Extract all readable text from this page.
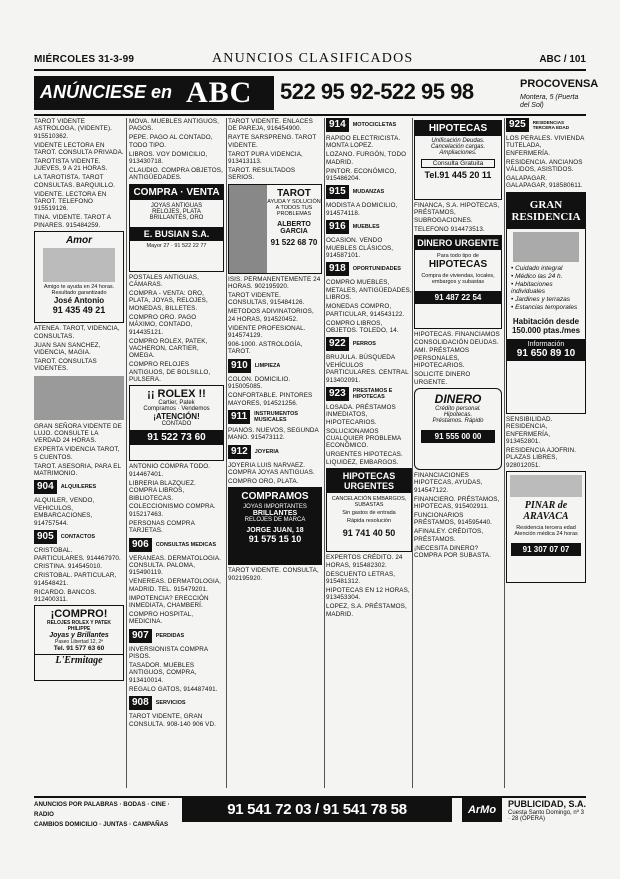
MIÉRCOLES 31-3-99	ANUNCIOS CLASIFICADOS	ABC / 101
ANÚNCIESE en ABC 522 95 92-522 95 98	PROCOVENSA
Montera, 5 (Puerta del Sol)

TAROT VIDENTE ASTROLOGA, (VIDENTE). 915510362.

VIDENTE LECTORA EN TAROT. CONSULTA PRIVADA.

TAROTISTA VIDENTE. JUEVES, 9 A 21 HORAS.

LA TAROTISTA. TAROT CONSULTAS. BARQUILLO.

VIDENTE. LECTORA EN TAROT. TELEFONO 915519126.

TINA. VIDENTE. TAROT A PINARES. 915484259.

Amor
Amigo te ayuda en 24 horas.
Resultado garantizado
José Antonio
91 435 49 21

ATENEA. TAROT, VIDENCIA, CONSULTAS.

JUAN SAN SANCHEZ, VIDENCIA, MAGIA.

TAROT. CONSULTAS VIDENTES.

GRAN SEÑORA VIDENTE DE LUJO. CONSULTE LA VERDAD 24 HORAS.

EXPERTA VIDENCIA TAROT, 5 CUENTOS.

TAROT. ASESORIA, PARA EL MATRIMONIO.

904	ALQUILERES

ALQUILER, VENDO, VEHICULOS, EMBARCACIONES, 914757544.

905	CONTACTOS

CRISTOBAL. PARTICULARES. 914467970.

CRISTINA. 914545010.

CRISTOBAL. PARTICULAR, 914548421.

RICARDO. BANCOS. 912400311.

¡COMPRO!
RELOJES ROLEX Y PATEK PHILIPPE
Joyas y Brillantes
Paseo Libertad 12, 2ª
Tel. 91 577 63 60
L'Ermitage

MOVA. MUEBLES ANTIGUOS, PAGOS.

PEPE. PAGO AL CONTADO, TODO TIPO.

LIBROS. VOY DOMICILIO, 913430718.

CLAUDIO. COMPRA OBJETOS, ANTIGÜEDADES.

COMPRA · VENTA
JOYAS ANTIGUAS
RELOJES, PLATA
BRILLANTES, ORO
E. BUSIAN S.A.
Mayor 27 · 91 522 22 77

POSTALES ANTIGUAS, CÁMARAS.

COMPRA - VENTA: ORO, PLATA, JOYAS, RELOJES, MONEDAS, BILLETES.

COMPRO ORO. PAGO MÁXIMO, CONTADO, 914435121.

COMPRO ROLEX, PATEK, VACHERON, CARTIER, OMEGA.

COMPRO RELOJES ANTIGUOS, DE BOLSILLO, PULSERA.

¡¡ ROLEX !!
Cartier, Patek
Compramos · Vendemos
¡ATENCIÓN!
CONTADO
91 522 73 60

ANTONIO COMPRA TODO. 914467401.

LIBRERIA BLAZQUEZ. COMPRA LIBROS, BIBLIOTECAS.

COLECCIONISMO COMPRA. 915217463.

PERSONAS COMPRA TARJETAS.

906	CONSULTAS MEDICAS

VERANEAS. DERMATOLOGIA. CONSULTA. PALOMA, 915490119.

VENEREAS. DERMATOLOGIA, MADRID. TEL. 915479201.

IMPOTENCIA? ERECCIÓN INMEDIATA, CHAMBERÍ.

COMPRO HOSPITAL, MEDICINA.

907	PERDIDAS

INVERSIONISTA COMPRA PISOS.

TASADOR. MUEBLES ANTIGUOS, COMPRA, 913410014.

REGALO GATOS, 914487491.

908	SERVICIOS

TAROT VIDENTE, GRAN CONSULTA. 908-140 906 VD.

TAROT VIDENTE. ENLACES DE PAREJA, 916454900.

RAYTE SARSPRENG. TAROT VIDENTE.

TAROT PURA VIDENCIA, 913413113.

TAROT. RESULTADOS SERIOS.

TAROT
AYUDA Y SOLUCIÓN
A TODOS TUS PROBLEMAS
ALBERTO GARCIA
91 522 68 70

ISIS. PERMANENTEMENTE 24 HORAS. 902195920.

TAROT VIDENTE. CONSULTAS, 915484126.

METODOS ADIVINATORIOS, 24 HORAS, 914520452.

VIDENTE PROFESIONAL. 914574129.

906-1000. ASTROLOGÍA, TAROT.

910	LIMPIEZA

COLON. DOMICILIO. 915005085.

CONFORTABLE. PINTORES MAYORES, 914521256.

911	INSTRUMENTOS MUSICALES

PIANOS. NUEVOS, SEGUNDA MANO. 915473112.

912	JOYERIA

JOYERIA LUIS NARVAEZ. COMPRA JOYAS ANTIGUAS.

COMPRO ORO, PLATA.

COMPRAMOS
JOYAS IMPORTANTES
BRILLANTES
RELOJES DE MARCA
JORGE JUAN, 18
91 575 15 10

TAROT VIDENTE. CONSULTA, 902195920.

914	MOTOCICLETAS

RAPIDO ELECTRICISTA. MONTA LOPEZ.

LOZANO. FURGÓN, TODO MADRID.

PINTOR. ECONÓMICO, 915486204.

915	MUDANZAS

MODISTA A DOMICILIO, 914574118.

916	MUEBLES

OCASION. VENDO MUEBLES CLÁSICOS, 914587101.

918	OPORTUNIDADES

COMPRO MUEBLES, METALES, ANTIGÜEDADES, LIBROS.

MONEDAS COMPRO, PARTICULAR, 914543122.

COMPRO LIBROS, OBJETOS. TOLEDO, 14.

922	PERROS

BRUJULA. BÚSQUEDA VEHÍCULOS PARTICULARES. CENTRAL 913402091.

923	PRESTAMOS E HIPOTECAS

LOSADA. PRÉSTAMOS INMEDIATOS, HIPOTECARIOS.

SOLUCIONAMOS CUALQUIER PROBLEMA ECONÓMICO.

URGENTES HIPOTECAS. LIQUIDEZ, EMBARGOS.

HIPOTECAS URGENTES
CANCELACIÓN EMBARGOS, SUBASTAS
Sin gastos de entrada
Rápida resolución
91 741 40 50

EXPERTOS CRÉDITO. 24 HORAS, 915482302.

DESCUENTO LETRAS, 915481312.

HIPOTECAS EN 12 HORAS, 913453304.

LOPEZ, S.A. PRÉSTAMOS, MADRID.

HIPOTECAS
Unificación Deudas.
Cancelación cargas.
Ampliaciones.
Consulta Gratuita
Tel.91 445 20 11

FINANCA, S.A. HIPOTECAS, PRÉSTAMOS, SUBROGACIONES.

TELEFONO 914473513.

DINERO URGENTE
Para todo tipo de
HIPOTECAS
Compra de viviendas, locales, embargos y subastas
91 487 22 54

HIPOTECAS. FINANCIAMOS CONSOLIDACIÓN DEUDAS.

AMI. PRÉSTAMOS PERSONALES, HIPOTECARIOS.

SOLICITE DINERO URGENTE.

DINERO
Crédito personal.
Hipotecas.
Préstamos. Rápido
91 555 00 00

FINANCIACIONES HIPOTECAS, AYUDAS, 914547122.

FINANCIERO. PRÉSTAMOS, HIPOTECAS, 915402911.

FUNCIONARIOS PRÉSTAMOS, 914595440.

AFINALEY. CRÉDITOS, PRÉSTAMOS.

¡NECESITA DINERO? COMPRA POR SUBASTA.

925	RESIDENCIAS TERCERA EDAD

LOS PERALES. VIVIENDA TUTELADA, ENFERMERÍA.

RESIDENCIA. ANCIANOS VÁLIDOS, ASISTIDOS.

GALAPAGAR. GALAPAGAR, 918580611.

GRAN RESIDENCIA
• Cuidado integral
• Médico las 24 h.
• Habitaciones individuales
• Jardines y terrazas
• Estancias temporales
Habitación desde 150.000 ptas./mes
Información
91 650 89 10

SENSIBILIDAD. RESIDENCIA, ENFERMERÍA, 913452801.

RESIDENCIA AJOFRIN. PLAZAS LIBRES, 928012051.

PINAR de ARAVACA
Residencia tercera edad
Atención médica 24 horas
91 307 07 07
ANUNCIOS POR PALABRAS · BODAS · CINE · RADIO
CAMBIOS DOMICILIO · JUNTAS · CAMPAÑAS
91 541 72 03 / 91 541 78 58	ArMo	PUBLICIDAD, S.A.
Cuesta Santo Domingo, nº 3 · 28 (ÓPERA)
